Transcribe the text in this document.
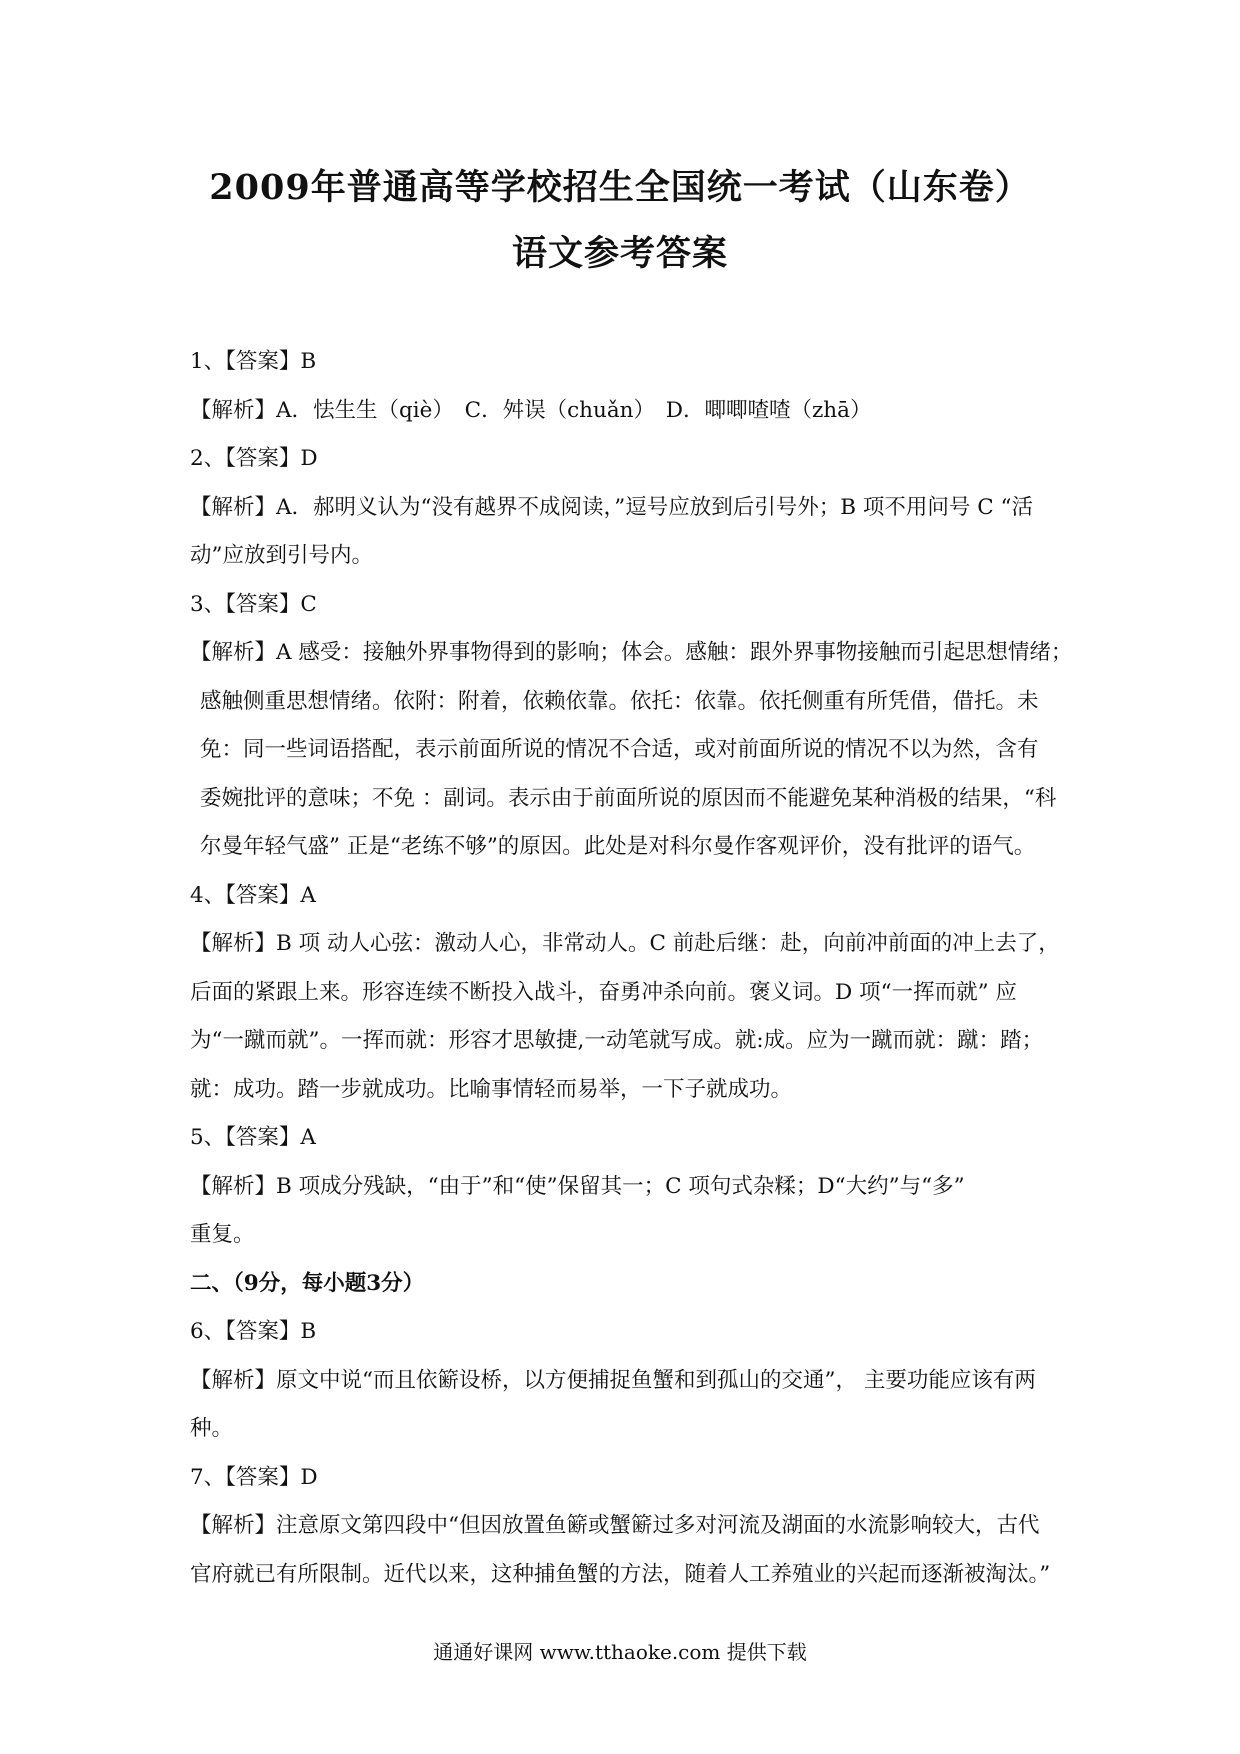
2009年普通高等学校招生全国统一考试（山东卷）
语文参考答案
1、【答案】B
【解析】A．怯生生（qiè）　C．舛误（chuǎn）　D．唧唧喳喳（zhā）
2、【答案】D
【解析】A．郝明义认为“没有越界不成阅读，”逗号应放到后引号外；B 项不用问号 C “活
动”应放到引号内。
3、【答案】C
【解析】A 感受：接触外界事物得到的影响；体会。感触：跟外界事物接触而引起思想情绪；
感触侧重思想情绪。依附：附着，依赖依靠。依托：依靠。依托侧重有所凭借，借托。未
免：同一些词语搭配，表示前面所说的情况不合适，或对前面所说的情况不以为然，含有
委婉批评的意味；不免 ：副词。表示由于前面所说的原因而不能避免某种消极的结果，“科
尔曼年轻气盛” 正是“老练不够”的原因。此处是对科尔曼作客观评价，没有批评的语气。
4、【答案】A
【解析】B 项 动人心弦：激动人心，非常动人。C 前赴后继：赴，向前冲前面的冲上去了，
后面的紧跟上来。形容连续不断投入战斗，奋勇冲杀向前。褒义词。D 项“一挥而就” 应
为“一蹴而就”。一挥而就：形容才思敏捷,一动笔就写成。就:成。应为一蹴而就：蹴：踏；
就：成功。踏一步就成功。比喻事情轻而易举，一下子就成功。
5、【答案】A
【解析】B 项成分残缺，“由于”和“使”保留其一；C 项句式杂糅；D“大约”与“多”
重复。
二、（9分，每小题3分）
6、【答案】B
【解析】原文中说“而且依簖设桥，以方便捕捉鱼蟹和到孤山的交通”， 主要功能应该有两
种。
7、【答案】D
【解析】注意原文第四段中“但因放置鱼簖或蟹簖过多对河流及湖面的水流影响较大，古代
官府就已有所限制。近代以来，这种捕鱼蟹的方法，随着人工养殖业的兴起而逐渐被淘汰。”
通通好课网 www.tthaoke.com 提供下载
